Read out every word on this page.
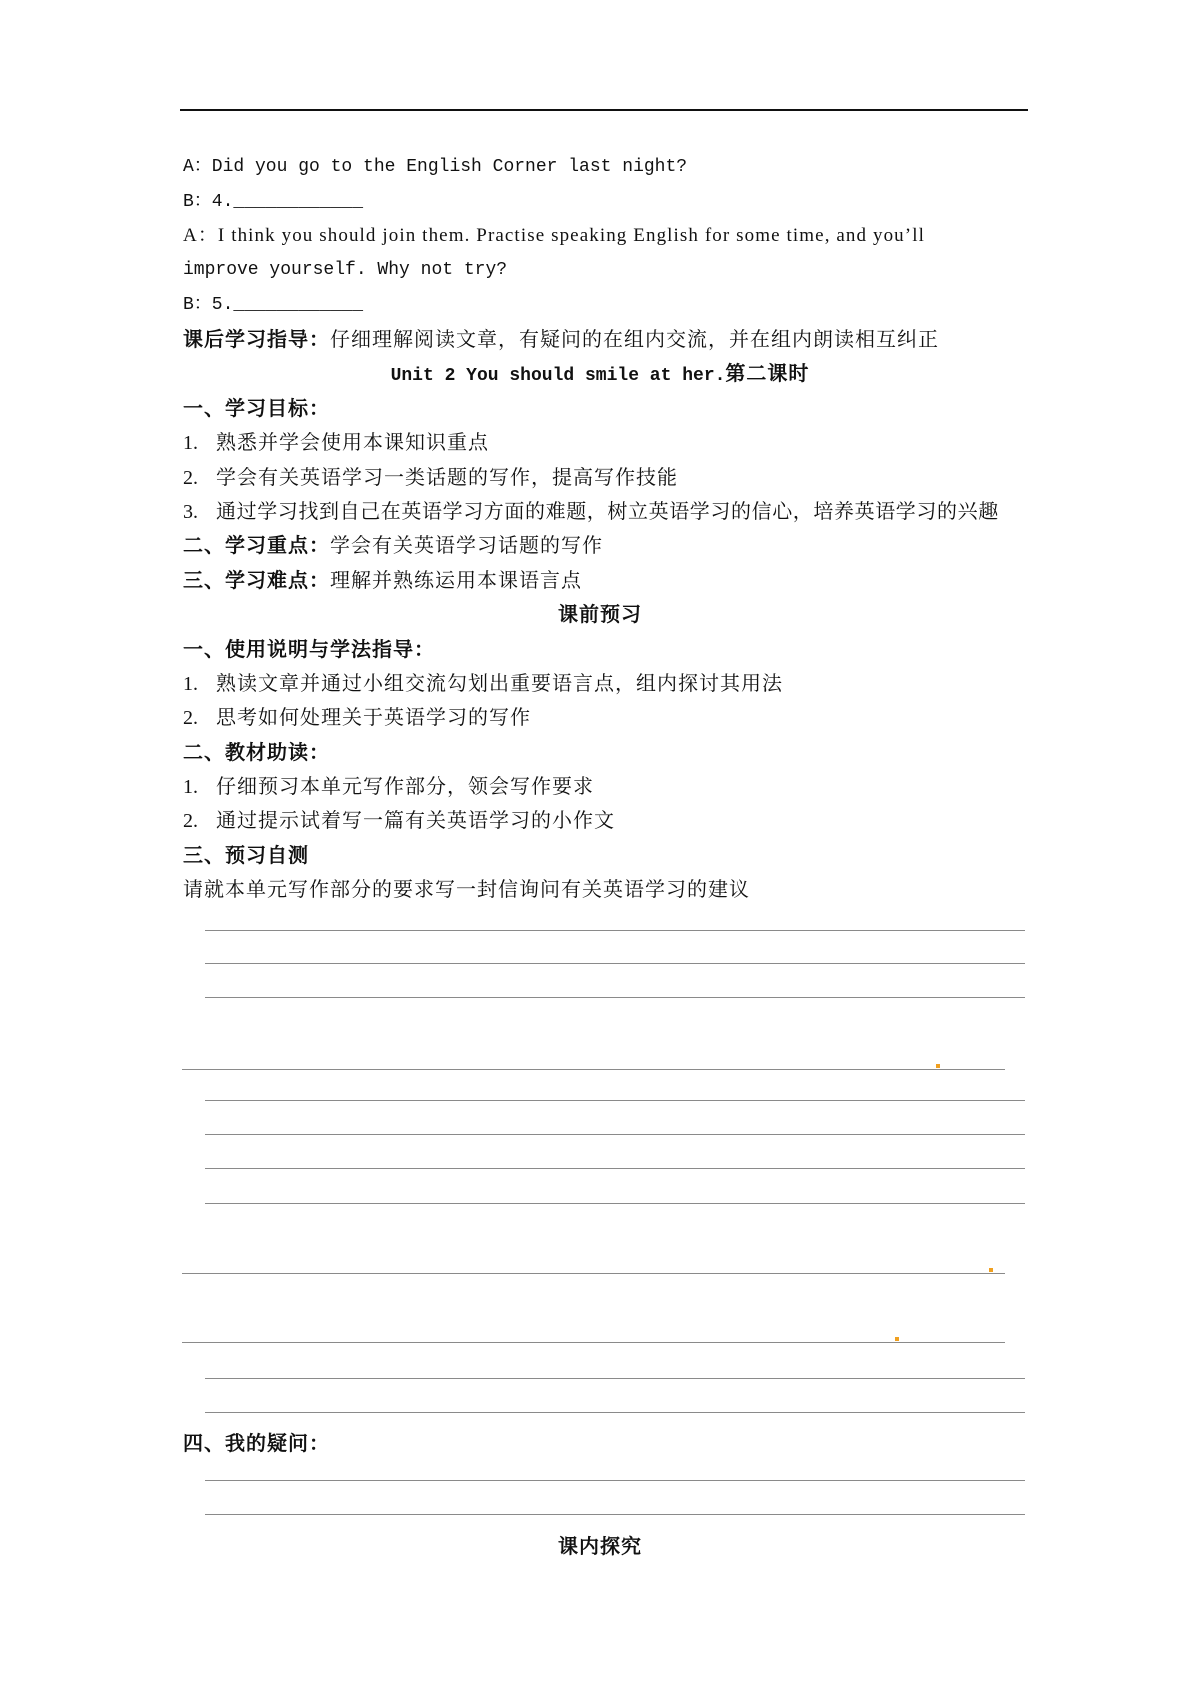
A：Did you go to the English Corner last night?
B：4.____________
A：I think you should join them. Practise speaking English for some time, and you’ll
improve yourself. Why not try?
B：5.____________
课后学习指导：仔细理解阅读文章，有疑问的在组内交流，并在组内朗读相互纠正
Unit 2 You should smile at her.第二课时
一、学习目标：
1. 熟悉并学会使用本课知识重点
2. 学会有关英语学习一类话题的写作，提高写作技能
3. 通过学习找到自己在英语学习方面的难题，树立英语学习的信心，培养英语学习的兴趣
二、学习重点：学会有关英语学习话题的写作
三、学习难点：理解并熟练运用本课语言点
课前预习
一、使用说明与学法指导：
1. 熟读文章并通过小组交流勾划出重要语言点，组内探讨其用法
2. 思考如何处理关于英语学习的写作
二、教材助读：
1. 仔细预习本单元写作部分，领会写作要求
2. 通过提示试着写一篇有关英语学习的小作文
三、预习自测
请就本单元写作部分的要求写一封信询问有关英语学习的建议
四、我的疑问：
课内探究
